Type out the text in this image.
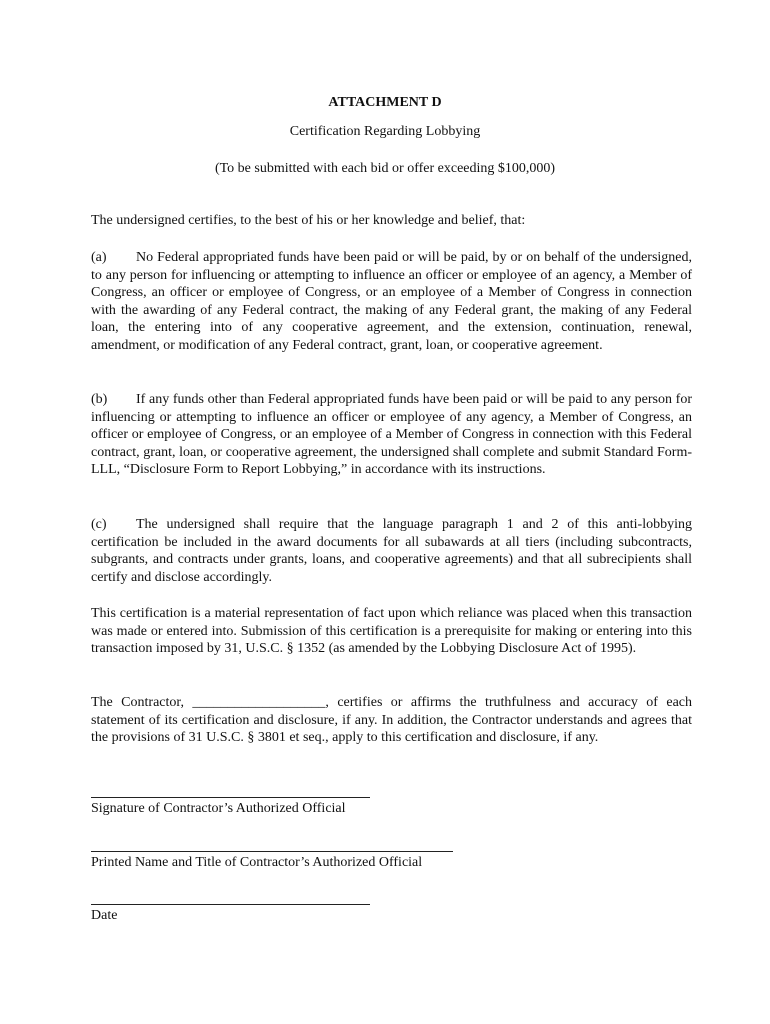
ATTACHMENT D
Certification Regarding Lobbying
(To be submitted with each bid or offer exceeding $100,000)

The undersigned certifies, to the best of his or her knowledge and belief, that:

(a) No Federal appropriated funds have been paid or will be paid, by or on behalf of the undersigned, to any person for influencing or attempting to influence an officer or employee of an agency, a Member of Congress, an officer or employee of Congress, or an employee of a Member of Congress in connection with the awarding of any Federal contract, the making of any Federal grant, the making of any Federal loan, the entering into of any cooperative agreement, and the extension, continuation, renewal, amendment, or modification of any Federal contract, grant, loan, or cooperative agreement.

(b) If any funds other than Federal appropriated funds have been paid or will be paid to any person for influencing or attempting to influence an officer or employee of any agency, a Member of Congress, an officer or employee of Congress, or an employee of a Member of Congress in connection with this Federal contract, grant, loan, or cooperative agreement, the undersigned shall complete and submit Standard Form-LLL, “Disclosure Form to Report Lobbying,” in accordance with its instructions.

(c) The undersigned shall require that the language paragraph 1 and 2 of this anti-lobbying certification be included in the award documents for all subawards at all tiers (including subcontracts, subgrants, and contracts under grants, loans, and cooperative agreements) and that all subrecipients shall certify and disclose accordingly.

This certification is a material representation of fact upon which reliance was placed when this transaction was made or entered into. Submission of this certification is a prerequisite for making or entering into this transaction imposed by 31, U.S.C. § 1352 (as amended by the Lobbying Disclosure Act of 1995).

The Contractor, ___________________, certifies or affirms the truthfulness and accuracy of each statement of its certification and disclosure, if any. In addition, the Contractor understands and agrees that the provisions of 31 U.S.C. § 3801 et seq., apply to this certification and disclosure, if any.

Signature of Contractor’s Authorized Official
Printed Name and Title of Contractor’s Authorized Official
Date
